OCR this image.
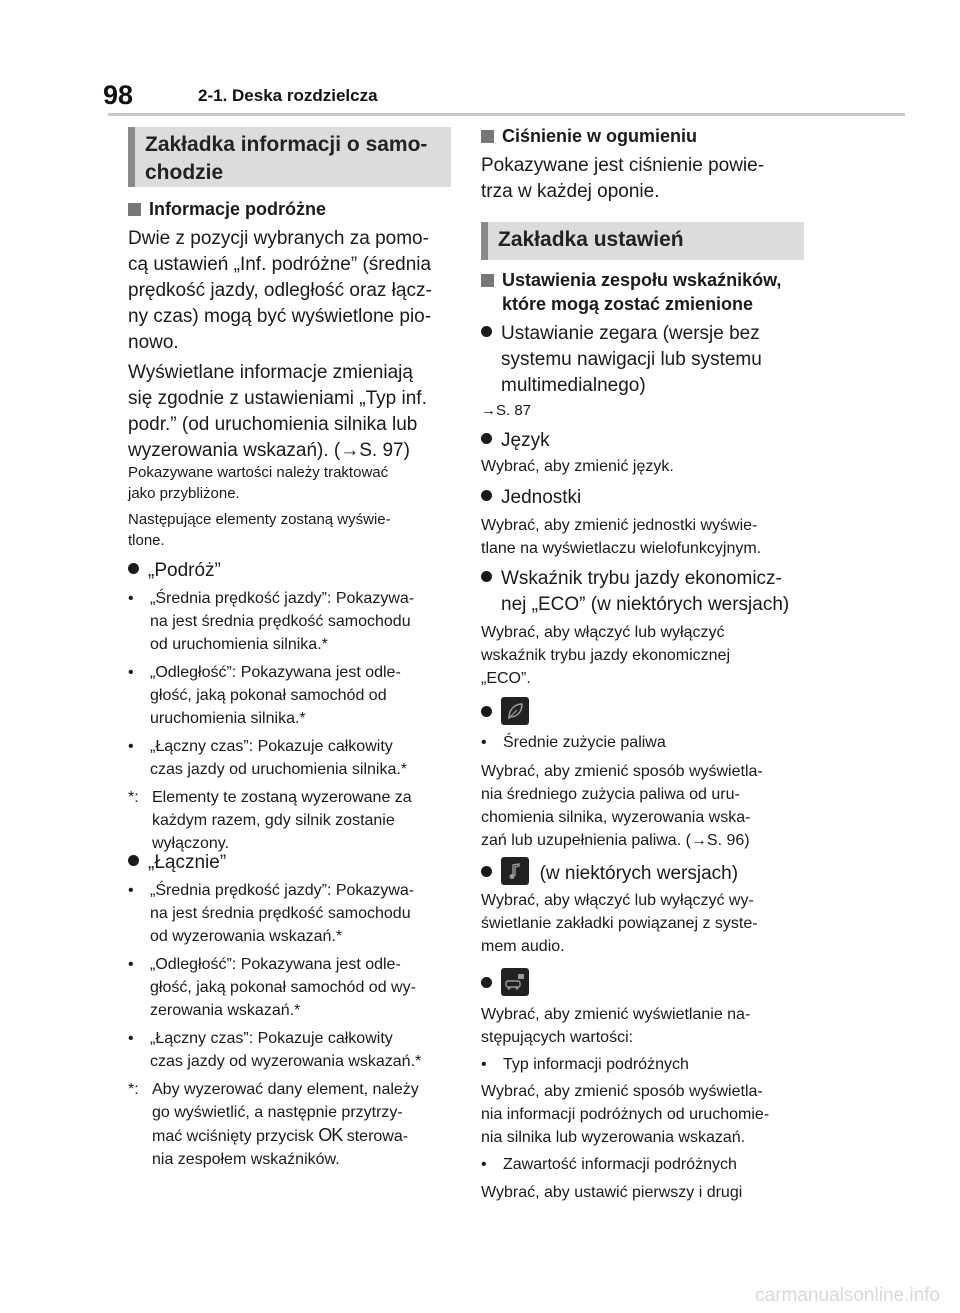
98	2-1. Deska rozdzielcza
Zakładka informacji o samo-
chodzie
Informacje podróżne
Dwie z pozycji wybranych za pomo-
cą ustawień „Inf. podróżne” (średnia
prędkość jazdy, odległość oraz łącz-
ny czas) mogą być wyświetlone pio-
nowo.
Wyświetlane informacje zmieniają
się zgodnie z ustawieniami „Typ inf.
podr.” (od uruchomienia silnika lub
wyzerowania wskazań). (→S. 97)
Pokazywane wartości należy traktować
jako przybliżone.
Następujące elementy zostaną wyświe-
tlone.
„Podróż”
•	„Średnia prędkość jazdy”: Pokazywa-
na jest średnia prędkość samochodu
od uruchomienia silnika.*
•	„Odległość”: Pokazywana jest odle-
głość, jaką pokonał samochód od
uruchomienia silnika.*
•	„Łączny czas”: Pokazuje całkowity
czas jazdy od uruchomienia silnika.*
*: Elementy te zostaną wyzerowane za
każdym razem, gdy silnik zostanie
wyłączony.
„Łącznie”
•	„Średnia prędkość jazdy”: Pokazywa-
na jest średnia prędkość samochodu
od wyzerowania wskazań.*
•	„Odległość”: Pokazywana jest odle-
głość, jaką pokonał samochód od wy-
zerowania wskazań.*
•	„Łączny czas”: Pokazuje całkowity
czas jazdy od wyzerowania wskazań.*
*: Aby wyzerować dany element, należy
go wyświetlić, a następnie przytrzy-
mać wciśnięty przycisk OK sterowa-
nia zespołem wskaźników.
Ciśnienie w ogumieniu
Pokazywane jest ciśnienie powie-
trza w każdej oponie.
Zakładka ustawień
Ustawienia zespołu wskaźników,
które mogą zostać zmienione
Ustawianie zegara (wersje bez
systemu nawigacji lub systemu
multimedialnego)
→S. 87
Język
Wybrać, aby zmienić język.
Jednostki
Wybrać, aby zmienić jednostki wyświe-
tlane na wyświetlaczu wielofunkcyjnym.
Wskaźnik trybu jazdy ekonomicz-
nej „ECO” (w niektórych wersjach)
Wybrać, aby włączyć lub wyłączyć
wskaźnik trybu jazdy ekonomicznej
„ECO”.
• Średnie zużycie paliwa
Wybrać, aby zmienić sposób wyświetla-
nia średniego zużycia paliwa od uru-
chomienia silnika, wyzerowania wska-
zań lub uzupełnienia paliwa. (→S. 96)
(w niektórych wersjach)
Wybrać, aby włączyć lub wyłączyć wy-
świetlanie zakładki powiązanej z syste-
mem audio.
Wybrać, aby zmienić wyświetlanie na-
stępujących wartości:
• Typ informacji podróżnych
Wybrać, aby zmienić sposób wyświetla-
nia informacji podróżnych od uruchomie-
nia silnika lub wyzerowania wskazań.
• Zawartość informacji podróżnych
Wybrać, aby ustawić pierwszy i drugi
carmanualsonline.info
